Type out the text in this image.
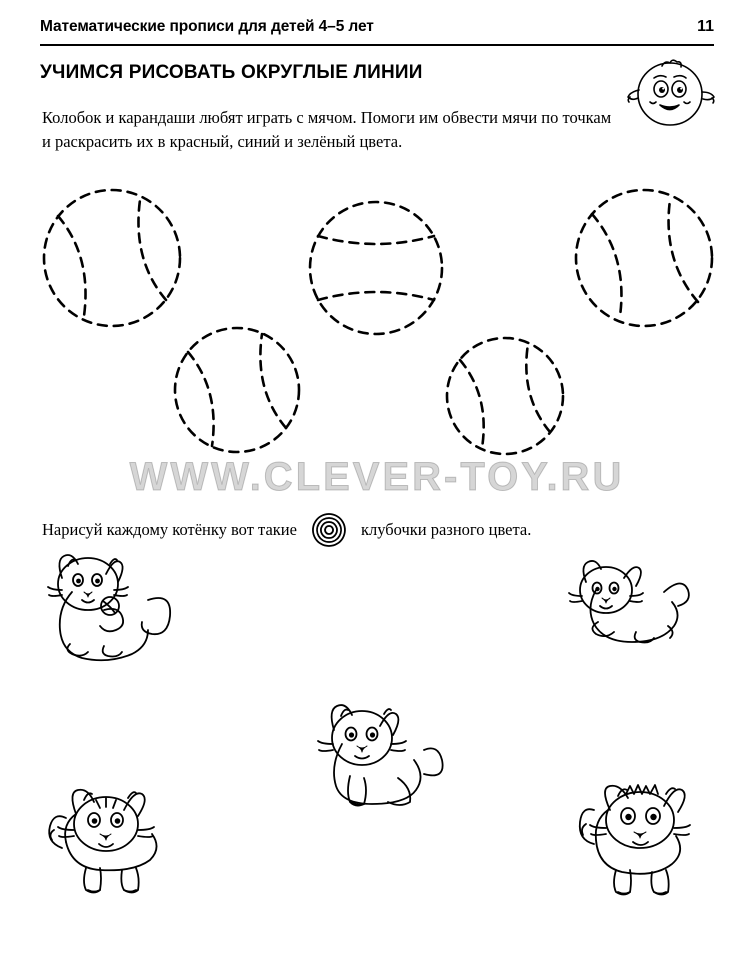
Математические прописи для детей 4–5 лет	11
УЧИМСЯ РИСОВАТЬ ОКРУГЛЫЕ ЛИНИИ
Колобок и карандаши любят играть с мячом. Помоги им обвести мячи по точкам и раскрасить их в красный, синий и зелёный цвета.
WWW.CLEVER-TOY.RU
Нарисуй каждому котёнку вот такие	клубочки разного цвета.
